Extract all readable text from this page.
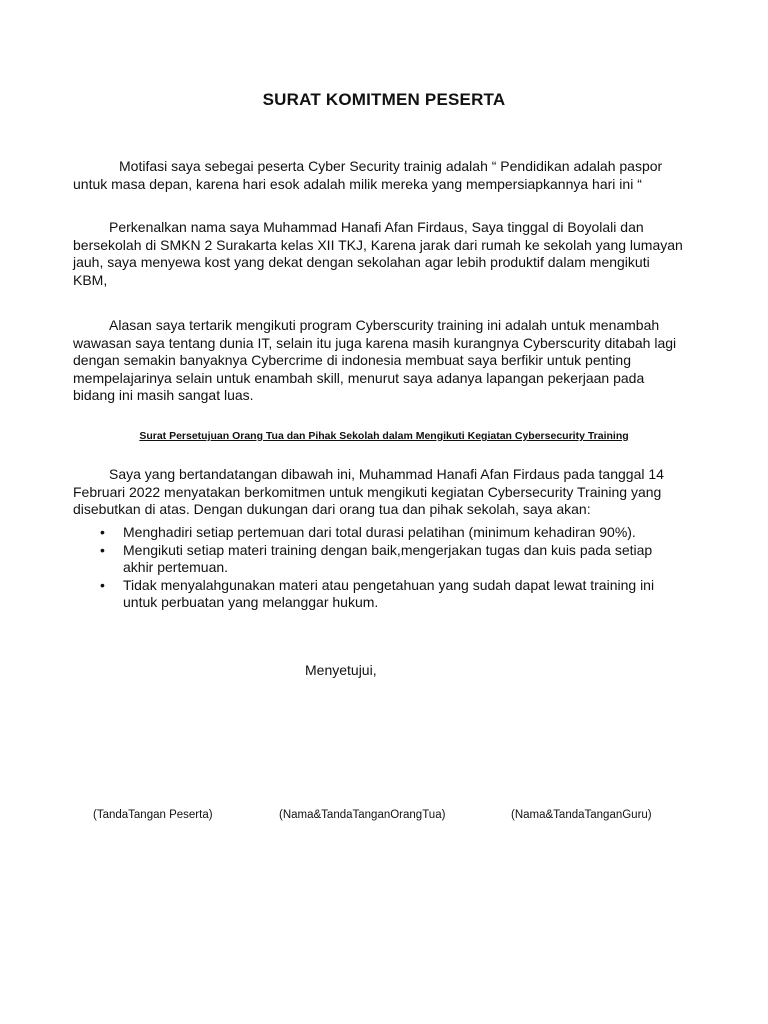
SURAT KOMITMEN PESERTA

Motifasi saya sebegai peserta Cyber Security trainig adalah “ Pendidikan adalah paspor untuk masa depan, karena hari esok adalah milik mereka yang mempersiapkannya hari ini “

Perkenalkan nama saya Muhammad Hanafi Afan Firdaus, Saya tinggal di Boyolali dan bersekolah di SMKN 2 Surakarta kelas XII TKJ, Karena jarak dari rumah ke sekolah yang lumayan jauh, saya menyewa kost yang dekat dengan sekolahan agar lebih produktif dalam mengikuti KBM,

Alasan saya tertarik mengikuti program Cyberscurity training ini adalah untuk menambah wawasan saya tentang dunia IT, selain itu juga karena masih kurangnya Cyberscurity ditabah lagi dengan semakin banyaknya Cybercrime di indonesia membuat saya berfikir untuk penting mempelajarinya selain untuk enambah skill, menurut saya adanya lapangan pekerjaan pada bidang ini masih sangat luas.

Surat Persetujuan Orang Tua dan Pihak Sekolah dalam Mengikuti Kegiatan Cybersecurity Training

Saya yang bertandatangan dibawah ini, Muhammad Hanafi Afan Firdaus pada tanggal 14 Februari 2022 menyatakan berkomitmen untuk mengikuti kegiatan Cybersecurity Training yang disebutkan di atas. Dengan dukungan dari orang tua dan pihak sekolah, saya akan:

• Menghadiri setiap pertemuan dari total durasi pelatihan (minimum kehadiran 90%).
• Mengikuti setiap materi training dengan baik,mengerjakan tugas dan kuis pada setiap akhir pertemuan.
• Tidak menyalahgunakan materi atau pengetahuan yang sudah dapat lewat training ini untuk perbuatan yang melanggar hukum.
Menyetujui,
(TandaTangan Peserta)	(Nama&TandaTanganOrangTua)	(Nama&TandaTanganGuru)
